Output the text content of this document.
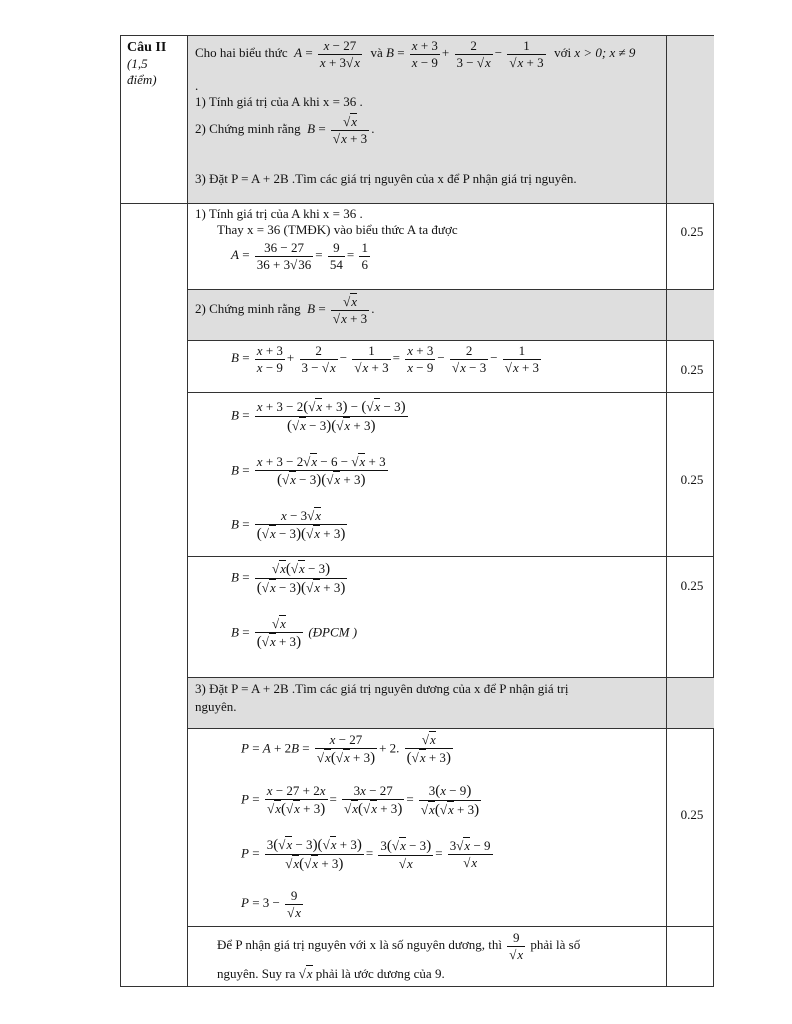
Câu II
(1,5 điểm)
Cho hai biểu thức  $A = \frac{x - 27}{x + 3√x}$ và $B = \frac{x + 3}{x - 9} + \frac{2}{3 - √x} - \frac{1}{√x + 3}$ với x > 0; x ≠ 9
.
1) Tính giá trị của A khi x = 36 .
2) Chứng minh rằng  $B = \frac{√x}{√x + 3}$ .
3) Đặt P = A + 2B .Tìm các giá trị nguyên của x để P nhận giá trị nguyên.
1) Tính giá trị của A khi x = 36 .
Thay x = 36 (TMĐK) vào biểu thức A ta được
$A = \frac{36 - 27}{36 + 3√36} = \frac{9}{54} = \frac{1}{6}$
0.25
2) Chứng minh rằng  $B = \frac{√x}{√x + 3}$ .
$B = \frac{x + 3}{x - 9} + \frac{2}{3 - √x} - \frac{1}{√x + 3} = \frac{x + 3}{x - 9} - \frac{2}{√x - 3} - \frac{1}{√x + 3}$	0.25
$B = \frac{x + 3 - 2(√x + 3) - (√x - 3)}{(√x - 3)(√x + 3)}$
$B = \frac{x + 3 - 2√x - 6 - √x + 3}{(√x - 3)(√x + 3)}$
$B = \frac{x - 3√x}{(√x - 3)(√x + 3)}$
0.25
$B = \frac{√x(√x - 3)}{(√x - 3)(√x + 3)}$
$B = \frac{√x}{(√x + 3)}$ (ĐPCM )
0.25
3) Đặt P = A + 2B .Tìm các giá trị nguyên dương của x để P nhận giá trị
nguyên.
$P = A + 2B = \frac{x - 27}{√x(√x + 3)} + 2$. $\frac{√x}{(√x + 3)}$
$P = \frac{x - 27 + 2x}{√x(√x + 3)} = \frac{3x - 27}{√x(√x + 3)} = \frac{3(x - 9)}{√x(√x + 3)}$
$P = \frac{3(√x - 3)(√x + 3)}{√x(√x + 3)} = \frac{3(√x - 3)}{√x} = \frac{3√x - 9}{√x}$
$P = 3 - \frac{9}{√x}$
0.25
Để P nhận giá trị nguyên với x là số nguyên dương, thì $\frac{9}{√x}$ phải là số
nguyên. Suy ra √x phải là ước dương của 9.
